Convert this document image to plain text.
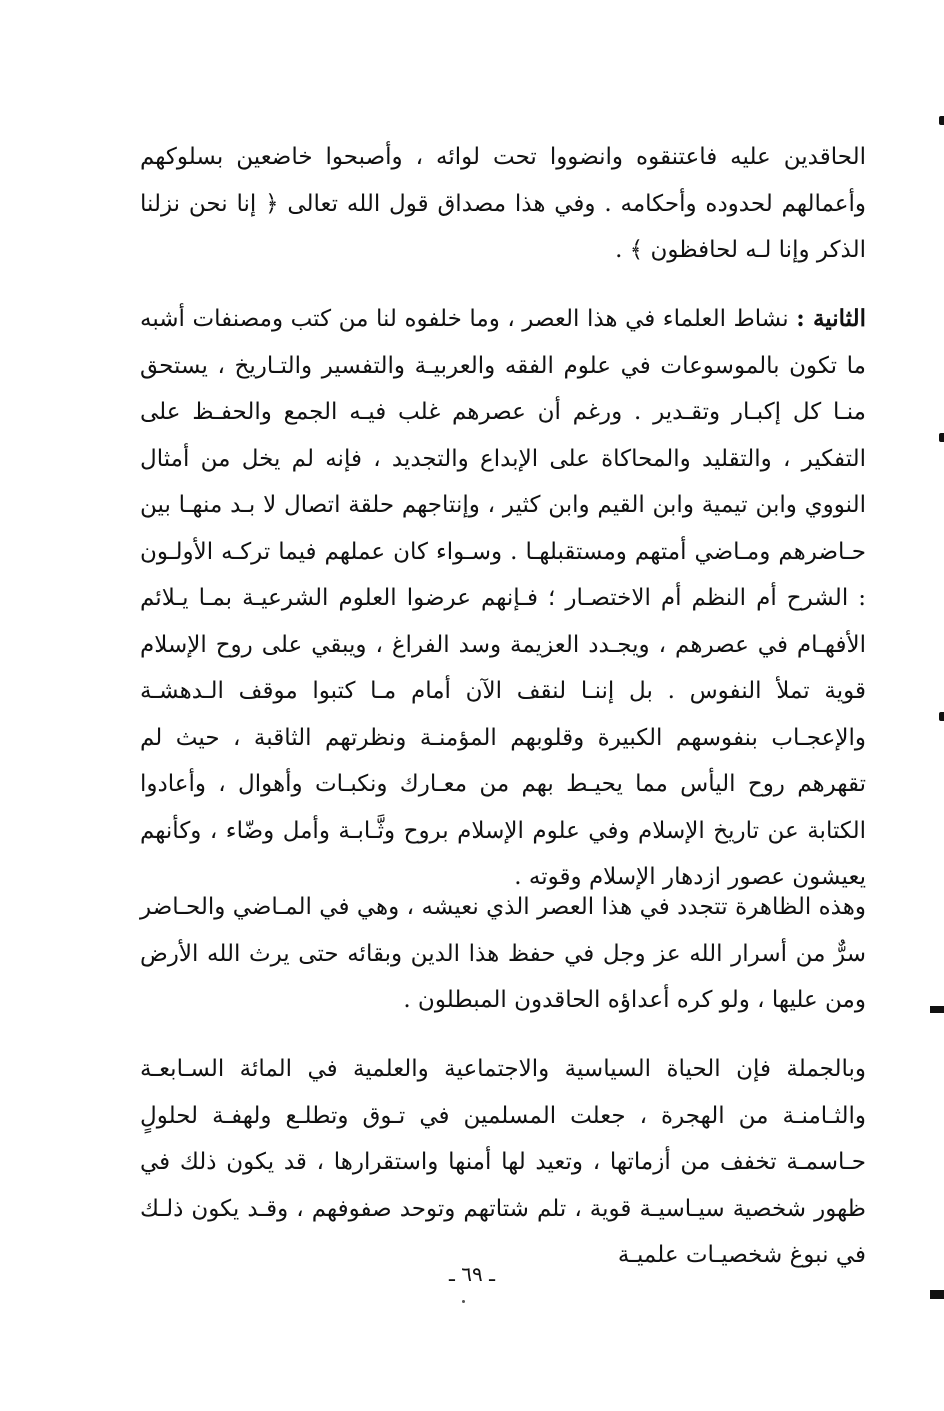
الحاقدين عليه فاعتنقوه وانضووا تحت لوائه ، وأصبحوا خاضعين بسلوكهم وأعمالهم لحدوده وأحكامه . وفي هذا مصداق قول الله تعالى ﴿ إنا نحن نزلنا الذكر وإنا لـه لحافظون ﴾ .

الثانية : نشاط العلماء في هذا العصر ، وما خلفوه لنا من كتب ومصنفات أشبه ما تكون بالموسوعات في علوم الفقه والعربيـة والتفسير والتـاريخ ، يستحق منـا كل إكبـار وتقـدير . ورغم أن عصرهم غلب فيـه الجمع والحفـظ على التفكير ، والتقليد والمحاكاة على الإبداع والتجديد ، فإنه لم يخل من أمثال النووي وابن تيمية وابن القيم وابن كثير ، وإنتاجهم حلقة اتصال لا بـد منهـا بين حـاضرهم ومـاضي أمتهم ومستقبلهـا . وسـواء كان عملهم فيما تركـه الأولـون : الشرح أم النظم أم الاختصـار ؛ فـإنهم عرضوا العلوم الشرعيـة بمـا يـلائم الأفهـام في عصرهم ، ويجـدد العزيمة وسد الفراغ ، ويبقي على روح الإسلام قوية تملأ النفوس . بل إننـا لنقف الآن أمام مـا كتبوا موقف الـدهشـة والإعجـاب بنفوسهم الكبيرة وقلوبهم المؤمنـة ونظرتهم الثاقبة ، حيث لم تقهرهم روح اليأس مما يحيـط بهم من معـارك ونكبـات وأهوال ، وأعادوا الكتابة عن تاريخ الإسلام وفي علوم الإسلام بروح وثَّـابـة وأمل وضّاء ، وكأنهم يعيشون عصور ازدهار الإسلام وقوته .

وهذه الظاهرة تتجدد في هذا العصر الذي نعيشه ، وهي في المـاضي والحـاضر سرٌّ من أسرار الله عز وجل في حفظ هذا الدين وبقائه حتى يرث الله الأرض ومن عليها ، ولو كره أعداؤه الحاقدون المبطلون .

وبالجملة فإن الحياة السياسية والاجتماعية والعلمية في المائة السـابعـة والثـامنـة من الهجرة ، جعلت المسلمين في تـوق وتطلـع ولهفـة لحلولٍ حـاسمـة تخفف من أزماتها ، وتعيد لها أمنها واستقرارها ، قد يكون ذلك في ظهور شخصية سيـاسيـة قوية ، تلم شتاتهم وتوحد صفوفهم ، وقـد يكون ذلـك في نبوغ شخصيـات علميـة

ـ ٦٩ ـ
